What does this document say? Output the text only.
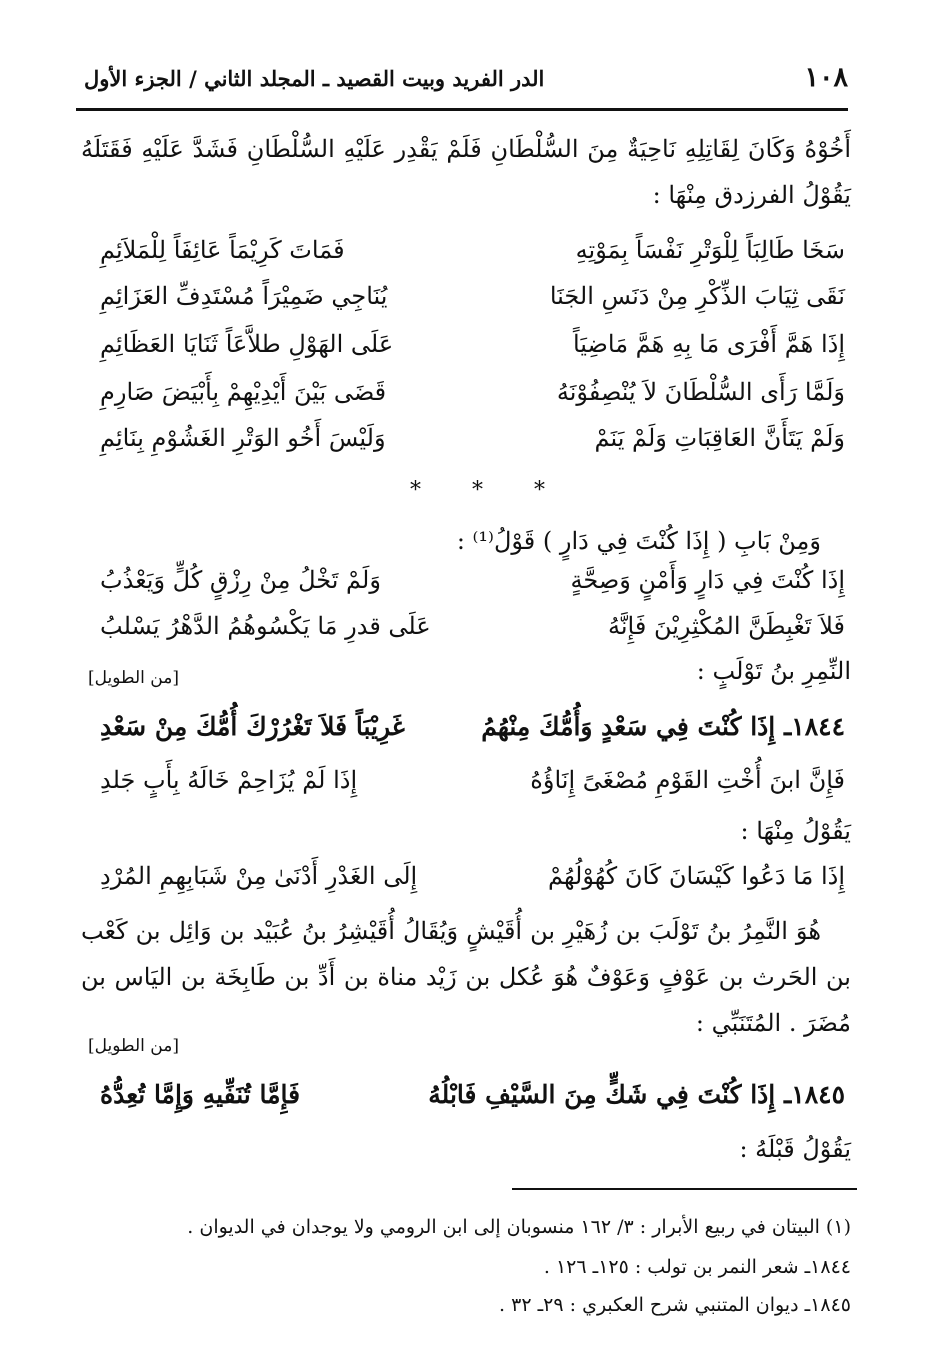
١٠٨
الدر الفريد وبيت القصيد ـ المجلد الثاني / الجزء الأول

أَخُوْهُ وَكَانَ لِقَاتِلِهِ نَاحِيَةٌ مِنَ السُّلْطَانِ فَلَمْ يَقْدِر عَلَيْهِ السُّلْطَانِ فَشَدَّ عَلَيْهِ فَقَتَلَهُ يَقُوْلُ الفرزدق مِنْهَا :

سَخَا طَالِبَاً لِلْوَتْرِ نَفْسَاً بِمَوْتِهِ
فَمَاتَ كَرِيْمَاً عَائِفَاً لِلْمَلاَئِمِ
نَقَى ثِيَابَ الذِّكْرِ مِنْ دَنَسِ الجَنَا
يُنَاجِي ضَمِيْرَاً مُسْتَدِفِّ العَزَائِمِ
إِذَا هَمَّ أَفْرَى مَا بِهِ هَمَّ مَاضِيَاً
عَلَى الهَوْلِ طلاَّعَاً ثَنَايَا العَظَائِمِ
وَلَمَّا رَأَى السُّلْطَانَ لاَ يُنْصِفُوْنَهُ
قَضَى بَيْنَ أَيْدِيْهِمْ بِأَبْيَضَ صَارِمِ
وَلَمْ يَتَأَنَّ العَاقِبَاتِ وَلَمْ يَنَمْ
وَلَيْسَ أَخُو الوَتْرِ الغَشُوْمِ بِنَائِمِ
* * *

وَمِنْ بَابِ ( إِذَا كُنْتَ فِي دَارٍ ) قَوْلُ⁽¹⁾ :

إِذَا كُنْتَ فِي دَارٍ وَأَمْنٍ وَصِحَّةٍ
وَلَمْ تَخْلُ مِنْ رِزْقٍ كُلٍّ وَيَعْذُبُ
فَلاَ تَغْبِطَنَّ المُكْثِرِيْنَ فَإِنَّهُ
عَلَى قدرِ مَا يَكْسُوهُمُ الدَّهْرُ يَسْلبُ

النِّمِرِ بنُ تَوْلَبٍ :

[من الطويل]
١٨٤٤ـ إِذَا كُنْتَ فِي سَعْدٍ وَأُمُّكَ مِنْهُمُ
غَرِيْبَاً فَلاَ تَغْرُرْكَ أُمُّكَ مِنْ سَعْدِ
فَإِنَّ ابنَ أُخْتِ القَوْمِ مُصْغَىً إِنَاؤُهُ
إِذَا لَمْ يُزَاحِمْ خَالَهُ بِأَبٍ جَلدِ

يَقُوْلُ مِنْهَا :

إِذَا مَا دَعُوا كَيْسَانَ كَانَ كُهُوْلُهُمْ
إِلَى الغَدْرِ أَدْنَىٰ مِنْ شَبَابِهِمِ المُرْدِ

هُوَ النَّمِرُ بنُ تَوْلَبَ بن زُهَيْرِ بن أُقَيْشٍ وَيُقَالُ أُقَيْشِرُ بنُ عُبَيْد بن وَائِل بن كَعْب بن الحَرث بن عَوْفٍ وَعَوْفٌ هُوَ عُكل بن زَيْد مناة بن أَدِّ بن طَابِخَة بن اليَاس بن مُضَرَ . المُتَنَبِّي :

[من الطويل]
١٨٤٥ـ إِذَا كُنْتَ فِي شَكٍّ مِنَ السَّيْفِ فَابْلُهُ
فَإِمَّا تُنَفِّيهِ وَإِمَّا تُعِدُّهُ

يَقُوْلُ قَبْلَهُ :

(١) البيتان في ربيع الأبرار : ٣/ ١٦٢ منسوبان إلى ابن الرومي ولا يوجدان في الديوان .
١٨٤٤ـ شعر النمر بن تولب : ١٢٥ـ ١٢٦ .
١٨٤٥ـ ديوان المتنبي شرح العكبري : ٢٩ـ ٣٢ .
